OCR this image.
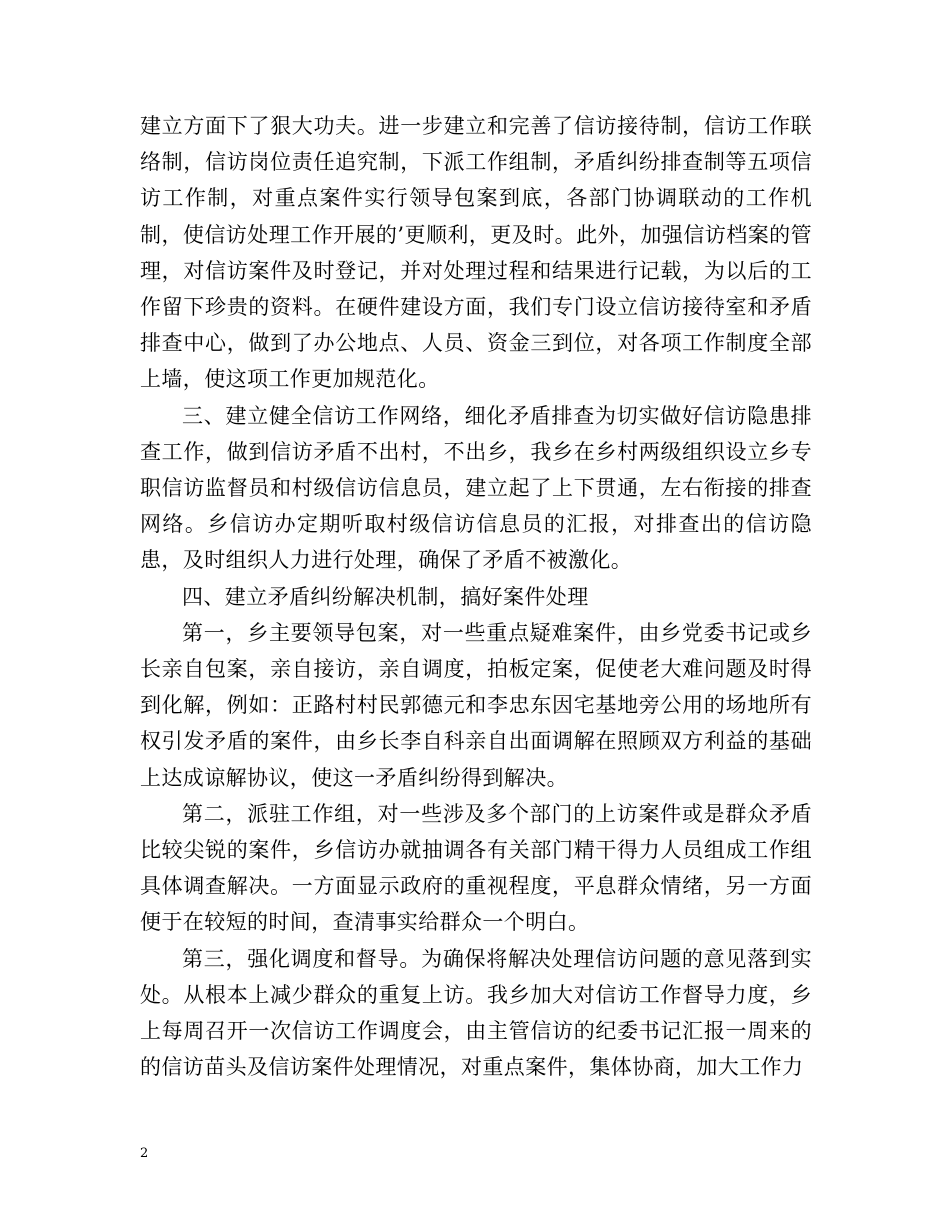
建立方面下了狠大功夫。进一步建立和完善了信访接待制，信访工作联络制，信访岗位责任追究制，下派工作组制，矛盾纠纷排查制等五项信访工作制，对重点案件实行领导包案到底，各部门协调联动的工作机制，使信访处理工作开展的’更顺利，更及时。此外，加强信访档案的管理，对信访案件及时登记，并对处理过程和结果进行记载，为以后的工作留下珍贵的资料。在硬件建设方面，我们专门设立信访接待室和矛盾排查中心，做到了办公地点、人员、资金三到位，对各项工作制度全部上墙，使这项工作更加规范化。

三、建立健全信访工作网络，细化矛盾排查为切实做好信访隐患排查工作，做到信访矛盾不出村，不出乡，我乡在乡村两级组织设立乡专职信访监督员和村级信访信息员，建立起了上下贯通，左右衔接的排查网络。乡信访办定期听取村级信访信息员的汇报，对排查出的信访隐患，及时组织人力进行处理，确保了矛盾不被激化。

四、建立矛盾纠纷解决机制，搞好案件处理

第一，乡主要领导包案，对一些重点疑难案件，由乡党委书记或乡长亲自包案，亲自接访，亲自调度，拍板定案，促使老大难问题及时得到化解，例如：正路村村民郭德元和李忠东因宅基地旁公用的场地所有权引发矛盾的案件，由乡长李自科亲自出面调解在照顾双方利益的基础上达成谅解协议，使这一矛盾纠纷得到解决。

第二，派驻工作组，对一些涉及多个部门的上访案件或是群众矛盾比较尖锐的案件，乡信访办就抽调各有关部门精干得力人员组成工作组具体调查解决。一方面显示政府的重视程度，平息群众情绪，另一方面便于在较短的时间，查清事实给群众一个明白。

第三，强化调度和督导。为确保将解决处理信访问题的意见落到实处。从根本上减少群众的重复上访。我乡加大对信访工作督导力度，乡上每周召开一次信访工作调度会，由主管信访的纪委书记汇报一周来的的信访苗头及信访案件处理情况，对重点案件，集体协商，加大工作力

2
